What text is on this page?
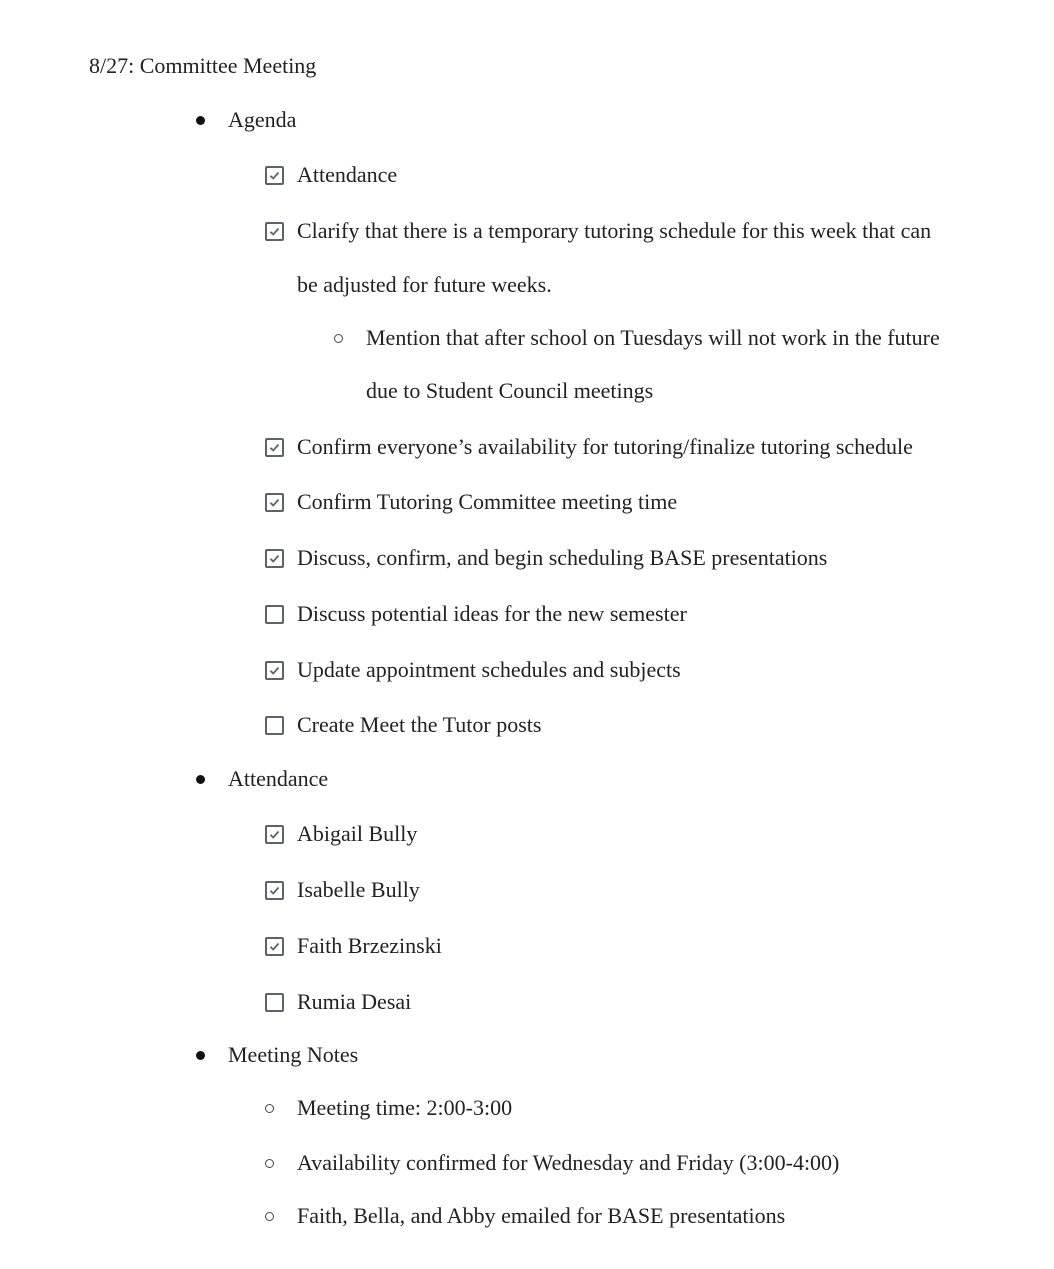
8/27: Committee Meeting
Agenda
Attendance
Clarify that there is a temporary tutoring schedule for this week that can
be adjusted for future weeks.
Mention that after school on Tuesdays will not work in the future
due to Student Council meetings
Confirm everyone’s availability for tutoring/finalize tutoring schedule
Confirm Tutoring Committee meeting time
Discuss, confirm, and begin scheduling BASE presentations
Discuss potential ideas for the new semester
Update appointment schedules and subjects
Create Meet the Tutor posts
Attendance
Abigail Bully
Isabelle Bully
Faith Brzezinski
Rumia Desai
Meeting Notes
Meeting time: 2:00-3:00
Availability confirmed for Wednesday and Friday (3:00-4:00)
Faith, Bella, and Abby emailed for BASE presentations
